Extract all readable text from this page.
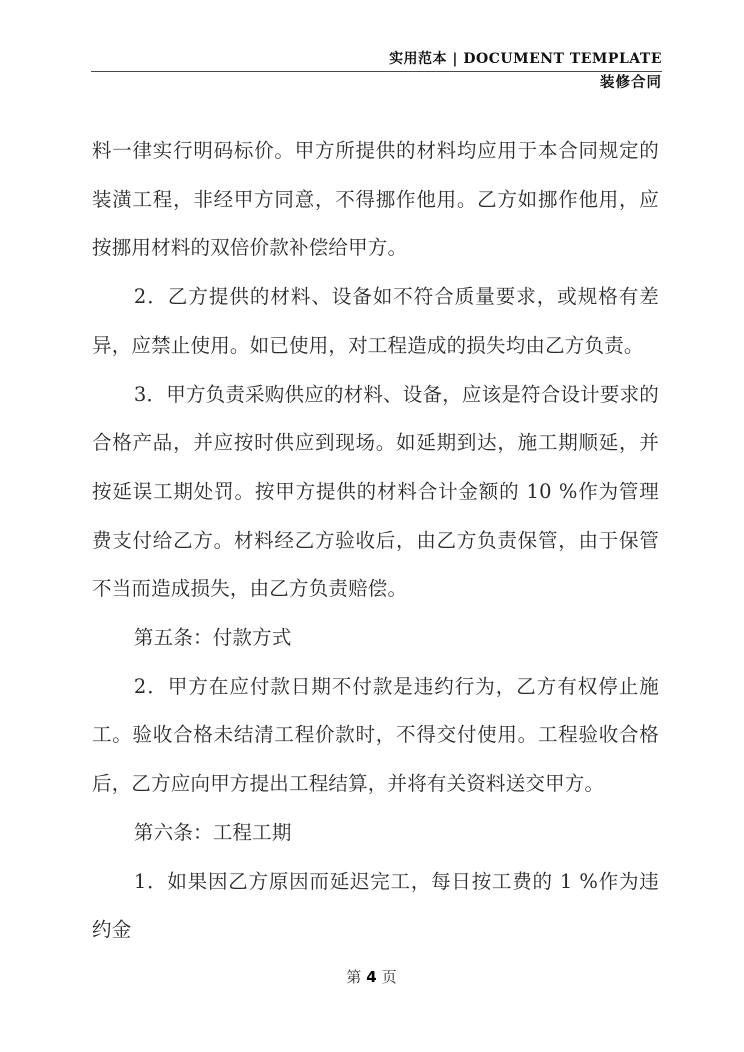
实用范本 | DOCUMENT TEMPLATE
装修合同

料一律实行明码标价。甲方所提供的材料均应用于本合同规定的装潢工程，非经甲方同意，不得挪作他用。乙方如挪作他用，应按挪用材料的双倍价款补偿给甲方。

2．乙方提供的材料、设备如不符合质量要求，或规格有差异，应禁止使用。如已使用，对工程造成的损失均由乙方负责。

3．甲方负责采购供应的材料、设备，应该是符合设计要求的合格产品，并应按时供应到现场。如延期到达，施工期顺延，并按延误工期处罚。按甲方提供的材料合计金额的 10 %作为管理费支付给乙方。材料经乙方验收后，由乙方负责保管，由于保管不当而造成损失，由乙方负责赔偿。

第五条：付款方式

2．甲方在应付款日期不付款是违约行为，乙方有权停止施工。验收合格未结清工程价款时，不得交付使用。工程验收合格后，乙方应向甲方提出工程结算，并将有关资料送交甲方。

第六条：工程工期

1．如果因乙方原因而延迟完工，每日按工费的 1 %作为违约金

第 4 页
